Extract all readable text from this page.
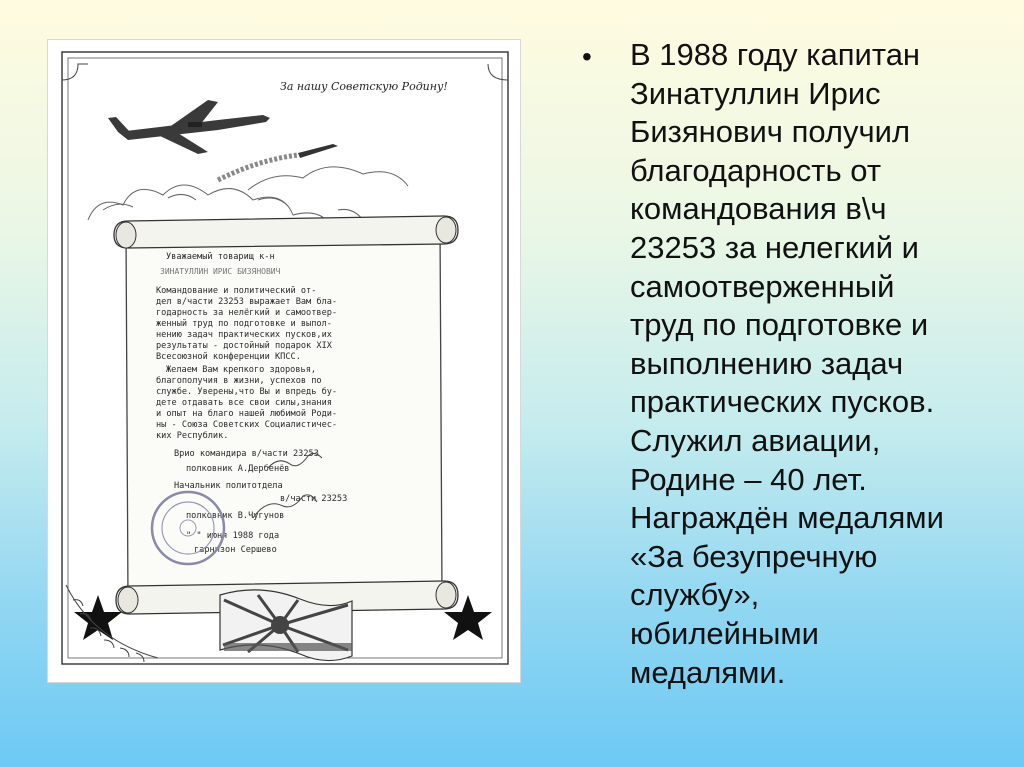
За нашу Советскую Родину!
Уважаемый товарищ к-н
ЗИНАТУЛЛИН ИРИС БИЗЯНОВИЧ
Командование и политический от-
дел в/части 23253 выражает Вам бла-
годарность за нелёгкий и самоотвер-
женный труд по подготовке и выпол-
нению задач практических пусков,их
результаты - достойный подарок XIX
Всесоюзной конференции КПСС.
Желаем Вам крепкого здоровья,
благополучия в жизни, успехов по
службе. Уверены,что Вы и впредь бу-
дете отдавать все свои силы,знания
и опыт на благо нашей любимой Роди-
ны - Союза Советских Социалистичес-
ких Республик.
Врио командира в/части 23253
полковник А.Дербенёв
Начальник политотдела
в/части 23253
полковник В.Чугунов
" " июня 1988 года
гарнизон Сершево
• В 1988 году капитан
Зинатуллин Ирис
Бизянович получил
благодарность от
командования в\ч
23253 за нелегкий и
самоотверженный
труд по подготовке и
выполнению задач
практических пусков.
Служил авиации,
Родине – 40 лет.
Награждён медалями
«За безупречную
службу»,
юбилейными
медалями.
